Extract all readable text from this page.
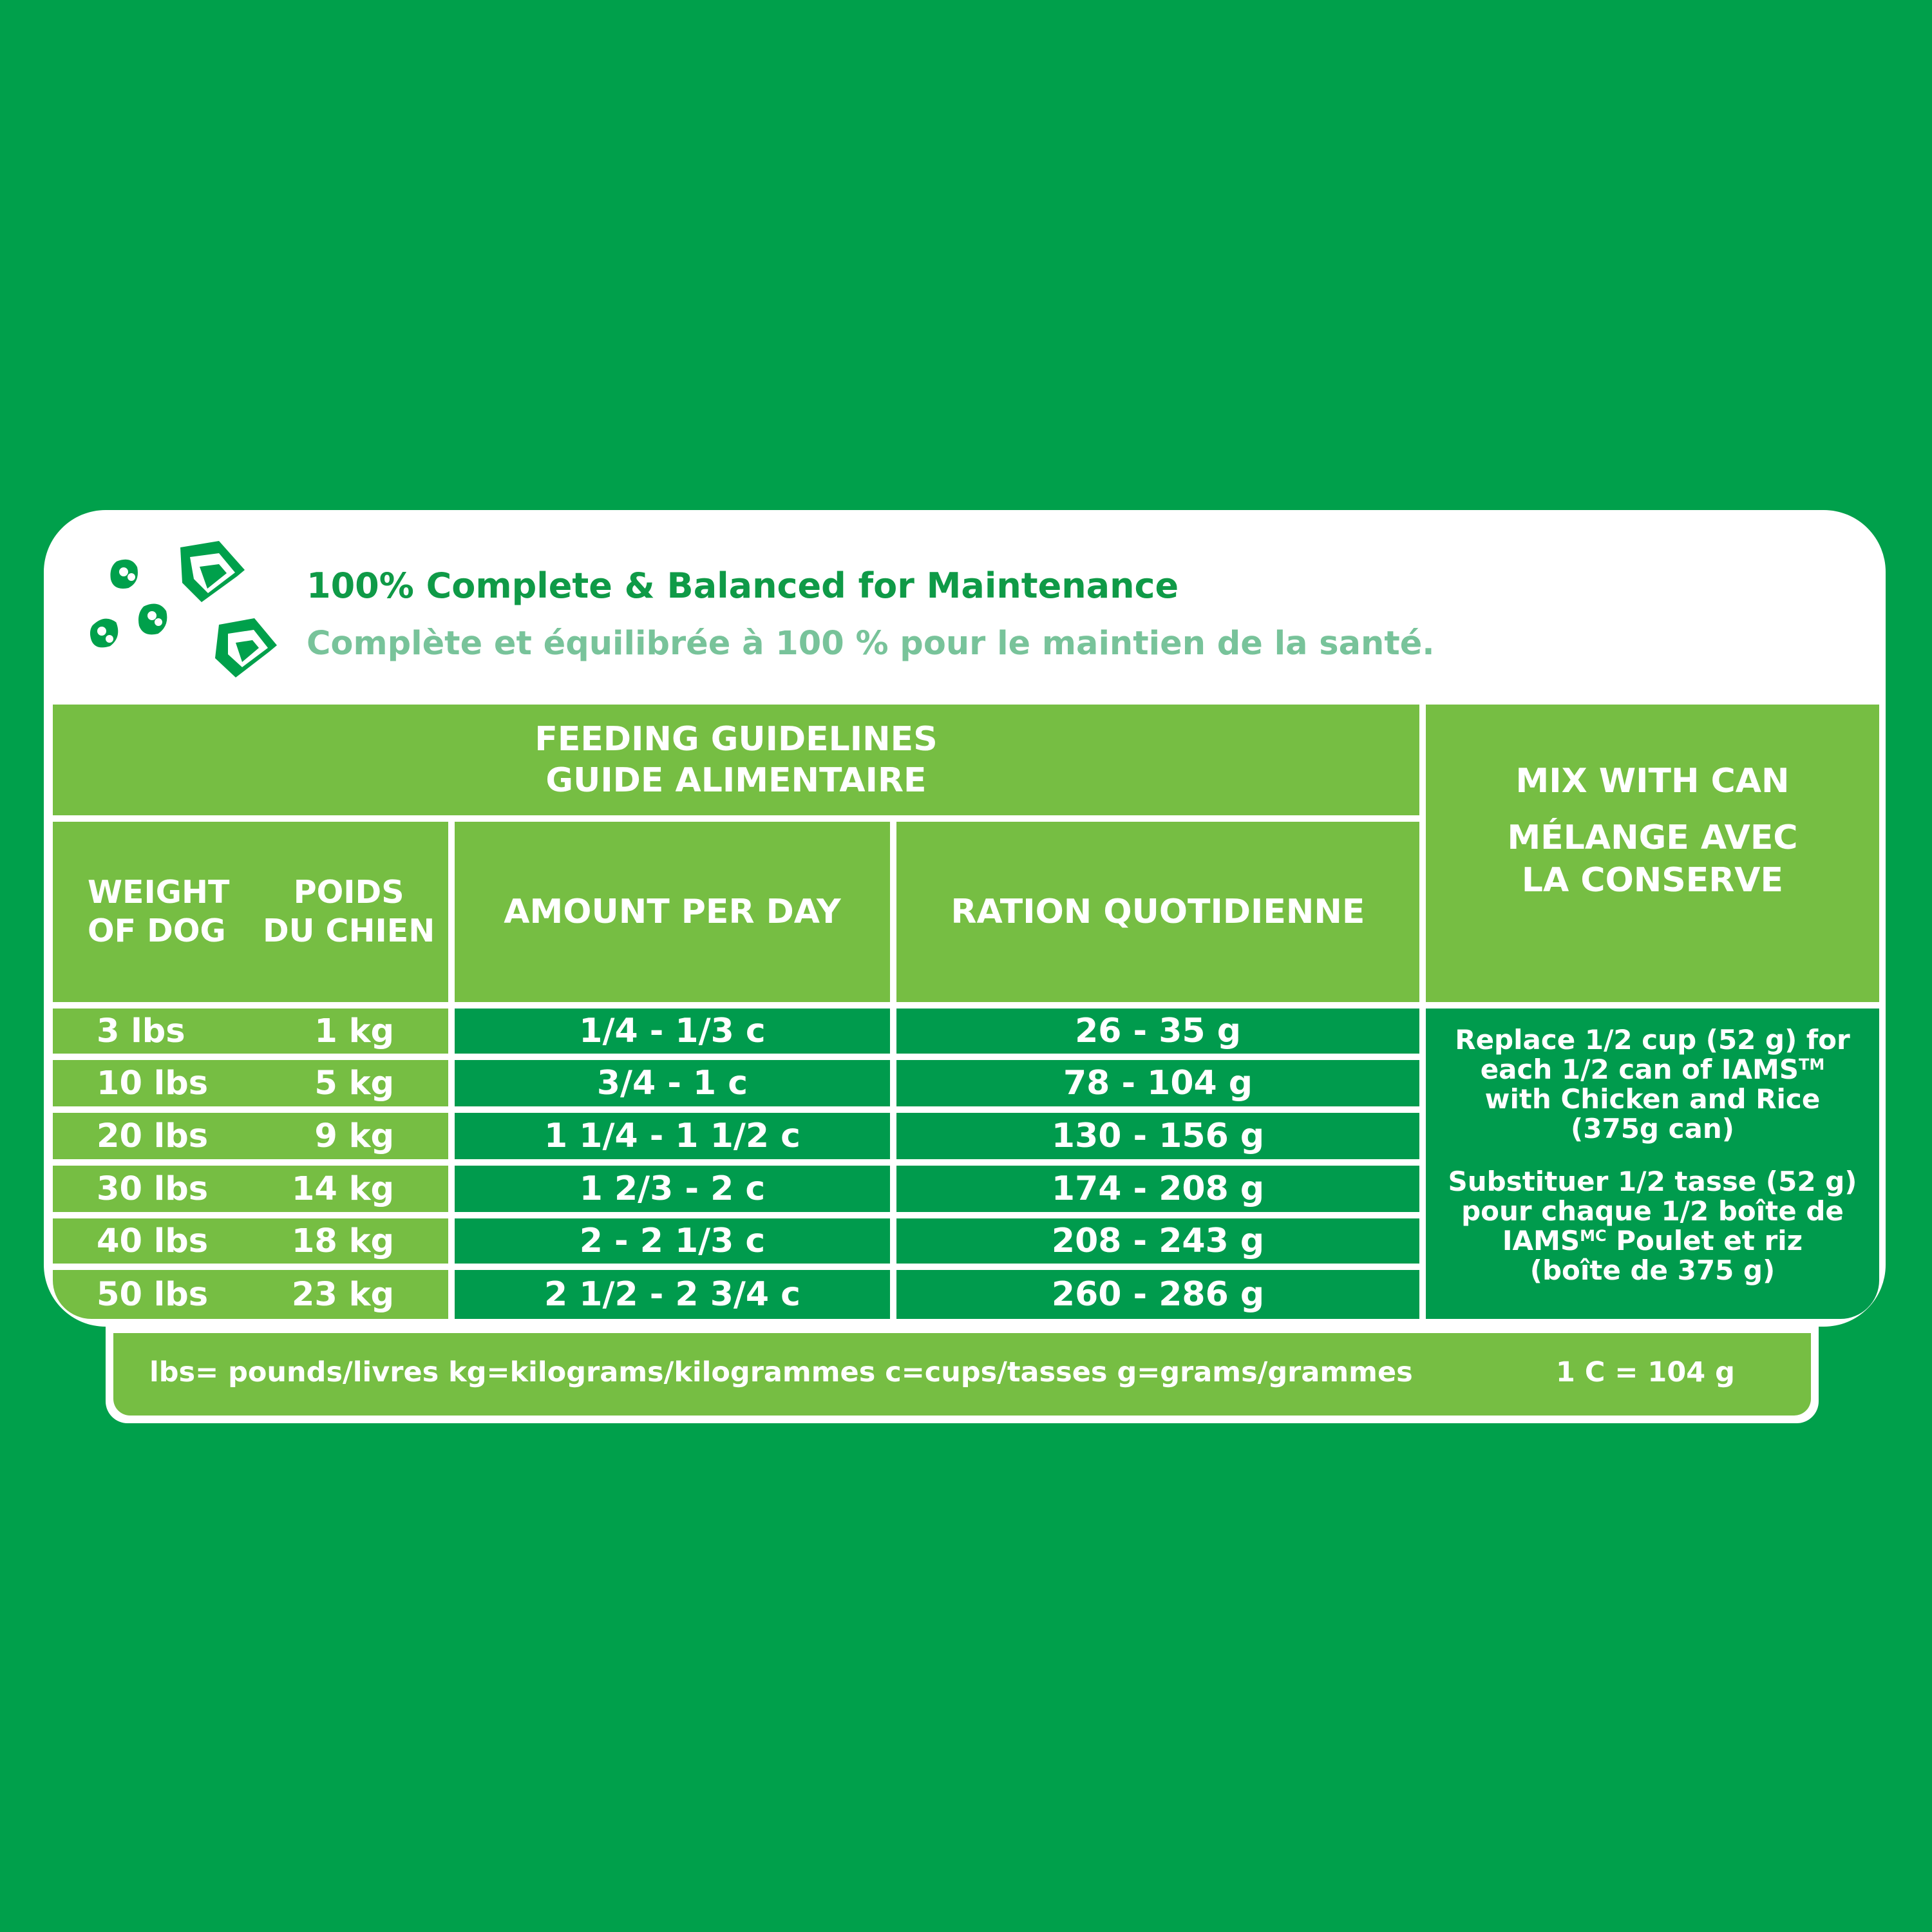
lbs= pounds/livres kg=kilograms/kilogrammes c=cups/tasses g=grams/grammes	1 C = 104 g
100% Complete & Balanced for Maintenance
Complète et équilibrée à 100 % pour le maintien de la santé.
FEEDING GUIDELINES
GUIDE ALIMENTAIRE
WEIGHT
OF DOG
POIDS
DU CHIEN	AMOUNT PER DAY	RATION QUOTIDIENNE
MIX WITH CAN
MÉLANGE AVEC
LA CONSERVE
3 lbs	1 kg	1/4 - 1/3 c	26 - 35 g
10 lbs	5 kg	3/4 - 1 c	78 - 104 g
20 lbs	9 kg	1 1/4 - 1 1/2 c	130 - 156 g
30 lbs	14 kg	1 2/3 - 2 c	174 - 208 g
40 lbs	18 kg	2 - 2 1/3 c	208 - 243 g
50 lbs	23 kg	2 1/2 - 2 3/4 c	260 - 286 g

Replace 1/2 cup (52 g) for
each 1/2 can of IAMS™
with Chicken and Rice
(375g can)

Substituer 1/2 tasse (52 g)
pour chaque 1/2 boîte de
$IAMS^{MC}$ Poulet et riz
(boîte de 375 g)
